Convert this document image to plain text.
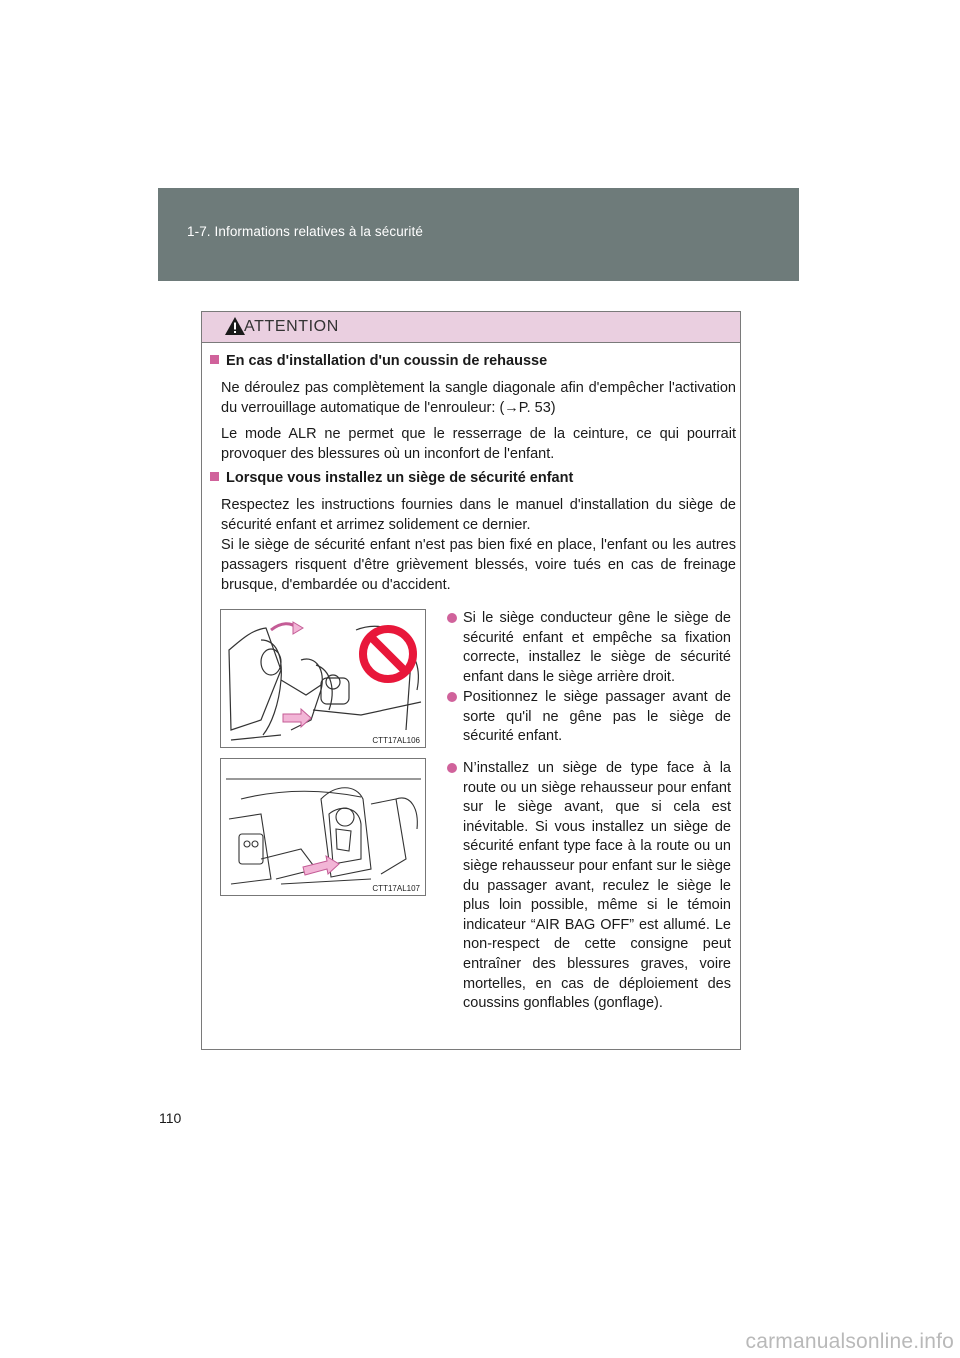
1-7. Informations relatives à la sécurité
ATTENTION
En cas d'installation d'un coussin de rehausse
Ne déroulez pas complètement la sangle diagonale afin d'empêcher l'activation du verrouillage automatique de l'enrouleur: (→P. 53)
Le mode ALR ne permet que le resserrage de la ceinture, ce qui pourrait provoquer des blessures où un inconfort de l'enfant.
Lorsque vous installez un siège de sécurité enfant
Respectez les instructions fournies dans le manuel d'installation du siège de sécurité enfant et arrimez solidement ce dernier.
Si le siège de sécurité enfant n'est pas bien fixé en place, l'enfant ou les autres passagers risquent d'être grièvement blessés, voire tués en cas de freinage brusque, d'embardée ou d'accident.
CTT17AL106
CTT17AL107
Si le siège conducteur gêne le siège de sécurité enfant et empêche sa fixation correcte, installez le siège de sécurité enfant dans le siège arrière droit.
Positionnez le siège passager avant de sorte qu'il ne gêne pas le siège de sécurité enfant.
N’installez un siège de type face à la route ou un siège rehausseur pour enfant sur le siège avant, que si cela est inévitable. Si vous installez un siège de sécurité enfant type face à la route ou un siège rehausseur pour enfant sur le siège du passager avant, reculez le siège le plus loin possible, même si le témoin indicateur “AIR BAG OFF” est allumé. Le non-respect de cette consigne peut entraîner des blessures graves, voire mortelles, en cas de déploiement des coussins gonflables (gonflage).
110
carmanualsonline.info
